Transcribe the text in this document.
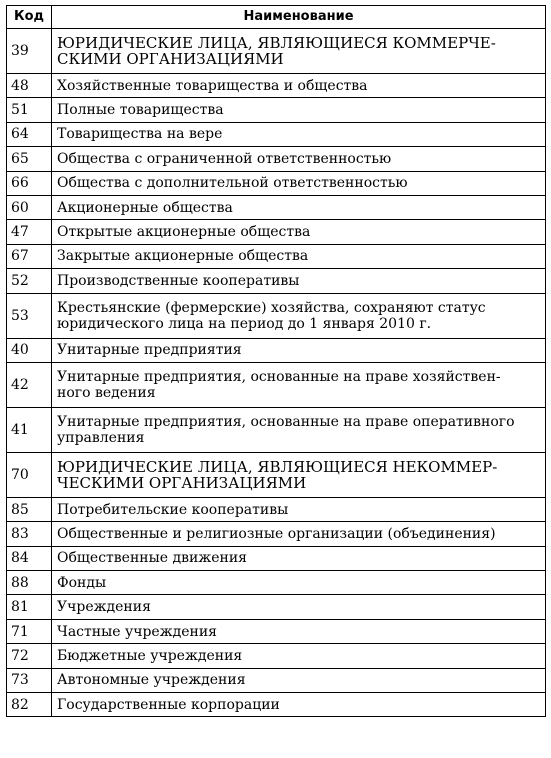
Код	Наименование
39	ЮРИДИЧЕСКИЕ ЛИЦА, ЯВЛЯЮЩИЕСЯ КОММЕРЧЕ-
СКИМИ ОРГАНИЗАЦИЯМИ

48	Хозяйственные товарищества и общества

51	Полные товарищества

64	Товарищества на вере

65	Общества с ограниченной ответственностью

66	Общества с дополнительной ответственностью

60	Акционерные общества

47	Открытые акционерные общества

67	Закрытые акционерные общества

52	Производственные кооперативы

53	Крестьянские (фермерские) хозяйства, сохраняют статус
юридического лица на период до 1 января 2010 г.

40	Унитарные предприятия

42	Унитарные предприятия, основанные на праве хозяйствен-
ного ведения

41	Унитарные предприятия, основанные на праве оперативного
управления

70	ЮРИДИЧЕСКИЕ ЛИЦА, ЯВЛЯЮЩИЕСЯ НЕКОММЕР-
ЧЕСКИМИ ОРГАНИЗАЦИЯМИ

85	Потребительские кооперативы

83	Общественные и религиозные организации (объединения)

84	Общественные движения

88	Фонды

81	Учреждения

71	Частные учреждения

72	Бюджетные учреждения

73	Автономные учреждения

82	Государственные корпорации
